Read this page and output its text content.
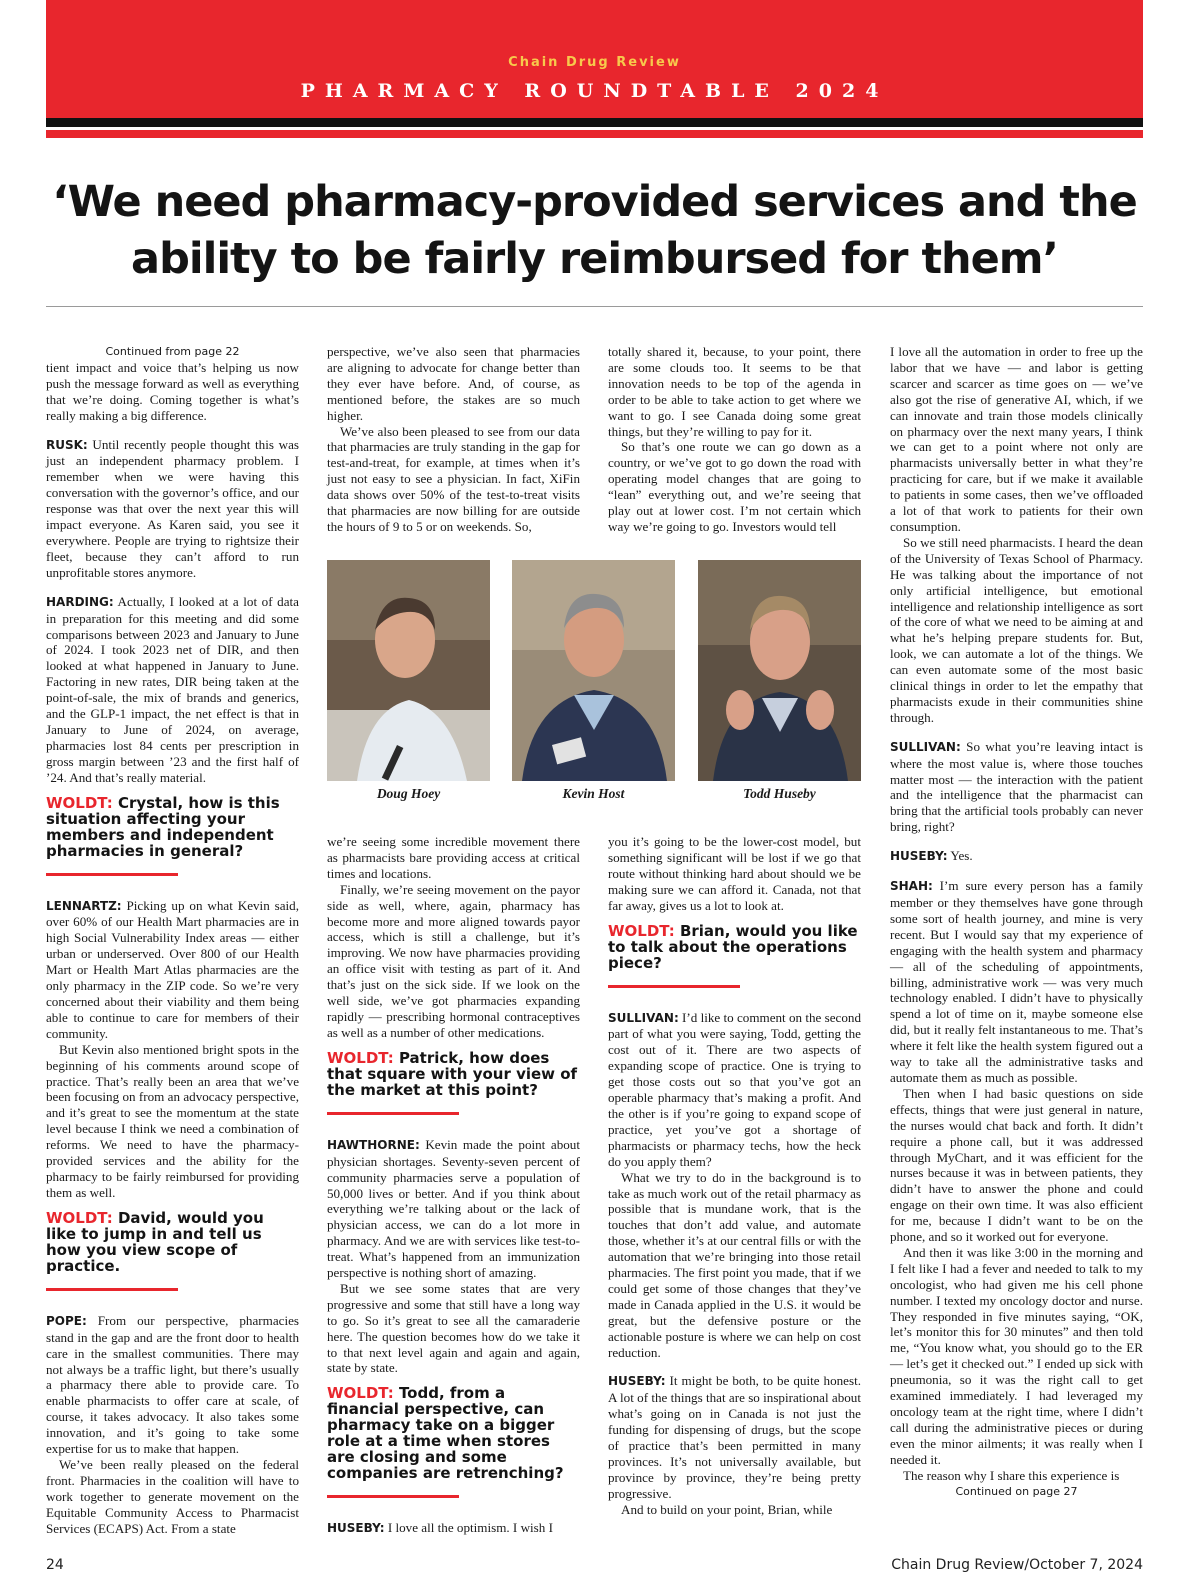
Chain Drug Review
PHARMACY ROUNDTABLE 2024
‘We need pharmacy-provided services and the ability to be fairly reimbursed for them’
Continued from page 22

tient impact and voice that’s helping us now push the message forward as well as everything that we’re doing. Coming together is what’s really making a big difference.

RUSK: Until recently people thought this was just an independent pharmacy problem. I remember when we were having this conversation with the governor’s office, and our response was that over the next year this will impact everyone. As Karen said, you see it everywhere. People are trying to rightsize their fleet, because they can’t afford to run unprofitable stores anymore.

HARDING: Actually, I looked at a lot of data in preparation for this meeting and did some comparisons between 2023 and January to June of 2024. I took 2023 net of DIR, and then looked at what happened in January to June. Factoring in new rates, DIR being taken at the point-of-sale, the mix of brands and generics, and the GLP-1 impact, the net effect is that in January to June of 2024, on average, pharmacies lost 84 cents per prescription in gross margin between ’23 and the first half of ’24. And that’s really material.

WOLDT: Crystal, how is this situation affecting your members and independent pharmacies in general?

LENNARTZ: Picking up on what Kevin said, over 60% of our Health Mart pharmacies are in high Social Vulnerability Index areas — either urban or underserved. Over 800 of our Health Mart or Health Mart Atlas pharmacies are the only pharmacy in the ZIP code. So we’re very concerned about their viability and them being able to continue to care for members of their community.

But Kevin also mentioned bright spots in the beginning of his comments around scope of practice. That’s really been an area that we’ve been focusing on from an advocacy perspective, and it’s great to see the momentum at the state level because I think we need a combination of reforms. We need to have the pharmacy-provided services and the ability for the pharmacy to be fairly reimbursed for providing them as well.

WOLDT: David, would you like to jump in and tell us how you view scope of practice.

POPE: From our perspective, pharmacies stand in the gap and are the front door to health care in the smallest communities. There may not always be a traffic light, but there’s usually a pharmacy there able to provide care. To enable pharmacists to offer care at scale, of course, it takes advocacy. It also takes some innovation, and it’s going to take some expertise for us to make that happen.

We’ve been really pleased on the federal front. Pharmacies in the coalition will have to work together to generate movement on the Equitable Community Access to Pharmacist Services (ECAPS) Act. From a state

perspective, we’ve also seen that pharmacies are aligning to advocate for change better than they ever have before. And, of course, as mentioned before, the stakes are so much higher.

We’ve also been pleased to see from our data that pharmacies are truly standing in the gap for test-and-treat, for example, at times when it’s just not easy to see a physician. In fact, XiFin data shows over 50% of the test-to-treat visits that pharmacies are now billing for are outside the hours of 9 to 5 or on weekends. So,

totally shared it, because, to your point, there are some clouds too. It seems to be that innovation needs to be top of the agenda in order to be able to take action to get where we want to go. I see Canada doing some great things, but they’re willing to pay for it.

So that’s one route we can go down as a country, or we’ve got to go down the road with operating model changes that are going to “lean” everything out, and we’re seeing that play out at lower cost. I’m not certain which way we’re going to go. Investors would tell

Doug Hoey	Kevin Host	Todd Huseby

we’re seeing some incredible movement there as pharmacists bare providing access at critical times and locations.

Finally, we’re seeing movement on the payor side as well, where, again, pharmacy has become more and more aligned towards payor access, which is still a challenge, but it’s improving. We now have pharmacies providing an office visit with testing as part of it. And that’s just on the sick side. If we look on the well side, we’ve got pharmacies expanding rapidly — prescribing hormonal contraceptives as well as a number of other medications.

WOLDT: Patrick, how does that square with your view of the market at this point?

HAWTHORNE: Kevin made the point about physician shortages. Seventy-seven percent of community pharmacies serve a population of 50,000 lives or better. And if you think about everything we’re talking about or the lack of physician access, we can do a lot more in pharmacy. And we are with services like test-to-treat. What’s happened from an immunization perspective is nothing short of amazing.

But we see some states that are very progressive and some that still have a long way to go. So it’s great to see all the camaraderie here. The question becomes how do we take it to that next level again and again and again, state by state.

WOLDT: Todd, from a financial perspective, can pharmacy take on a bigger role at a time when stores are closing and some companies are retrenching?

HUSEBY: I love all the optimism. I wish I

you it’s going to be the lower-cost model, but something significant will be lost if we go that route without thinking hard about should we be making sure we can afford it. Canada, not that far away, gives us a lot to look at.

WOLDT: Brian, would you like to talk about the operations piece?

SULLIVAN: I’d like to comment on the second part of what you were saying, Todd, getting the cost out of it. There are two aspects of expanding scope of practice. One is trying to get those costs out so that you’ve got an operable pharmacy that’s making a profit. And the other is if you’re going to expand scope of practice, yet you’ve got a shortage of pharmacists or pharmacy techs, how the heck do you apply them?

What we try to do in the background is to take as much work out of the retail pharmacy as possible that is mundane work, that is the touches that don’t add value, and automate those, whether it’s at our central fills or with the automation that we’re bringing into those retail pharmacies. The first point you made, that if we could get some of those changes that they’ve made in Canada applied in the U.S. it would be great, but the defensive posture or the actionable posture is where we can help on cost reduction.

HUSEBY: It might be both, to be quite honest. A lot of the things that are so inspirational about what’s going on in Canada is not just the funding for dispensing of drugs, but the scope of practice that’s been permitted in many provinces. It’s not universally available, but province by province, they’re being pretty progressive.

And to build on your point, Brian, while

I love all the automation in order to free up the labor that we have — and labor is getting scarcer and scarcer as time goes on — we’ve also got the rise of generative AI, which, if we can innovate and train those models clinically on pharmacy over the next many years, I think we can get to a point where not only are pharmacists universally better in what they’re practicing for care, but if we make it available to patients in some cases, then we’ve offloaded a lot of that work to patients for their own consumption.

So we still need pharmacists. I heard the dean of the University of Texas School of Pharmacy. He was talking about the importance of not only artificial intelligence, but emotional intelligence and relationship intelligence as sort of the core of what we need to be aiming at and what he’s helping prepare students for. But, look, we can automate a lot of the things. We can even automate some of the most basic clinical things in order to let the empathy that pharmacists exude in their communities shine through.

SULLIVAN: So what you’re leaving intact is where the most value is, where those touches matter most — the interaction with the patient and the intelligence that the pharmacist can bring that the artificial tools probably can never bring, right?

HUSEBY: Yes.

SHAH: I’m sure every person has a family member or they themselves have gone through some sort of health journey, and mine is very recent. But I would say that my experience of engaging with the health system and pharmacy — all of the scheduling of appointments, billing, administrative work — was very much technology enabled. I didn’t have to physically spend a lot of time on it, maybe someone else did, but it really felt instantaneous to me. That’s where it felt like the health system figured out a way to take all the administrative tasks and automate them as much as possible.

Then when I had basic questions on side effects, things that were just general in nature, the nurses would chat back and forth. It didn’t require a phone call, but it was addressed through MyChart, and it was efficient for the nurses because it was in between patients, they didn’t have to answer the phone and could engage on their own time. It was also efficient for me, because I didn’t want to be on the phone, and so it worked out for everyone.

And then it was like 3:00 in the morning and I felt like I had a fever and needed to talk to my oncologist, who had given me his cell phone number. I texted my oncology doctor and nurse. They responded in five minutes saying, “OK, let’s monitor this for 30 minutes” and then told me, “You know what, you should go to the ER — let’s get it checked out.” I ended up sick with pneumonia, so it was the right call to get examined immediately. I had leveraged my oncology team at the right time, where I didn’t call during the administrative pieces or during even the minor ailments; it was really when I needed it.

The reason why I share this experience is

Continued on page 27
24	Chain Drug Review/October 7, 2024
